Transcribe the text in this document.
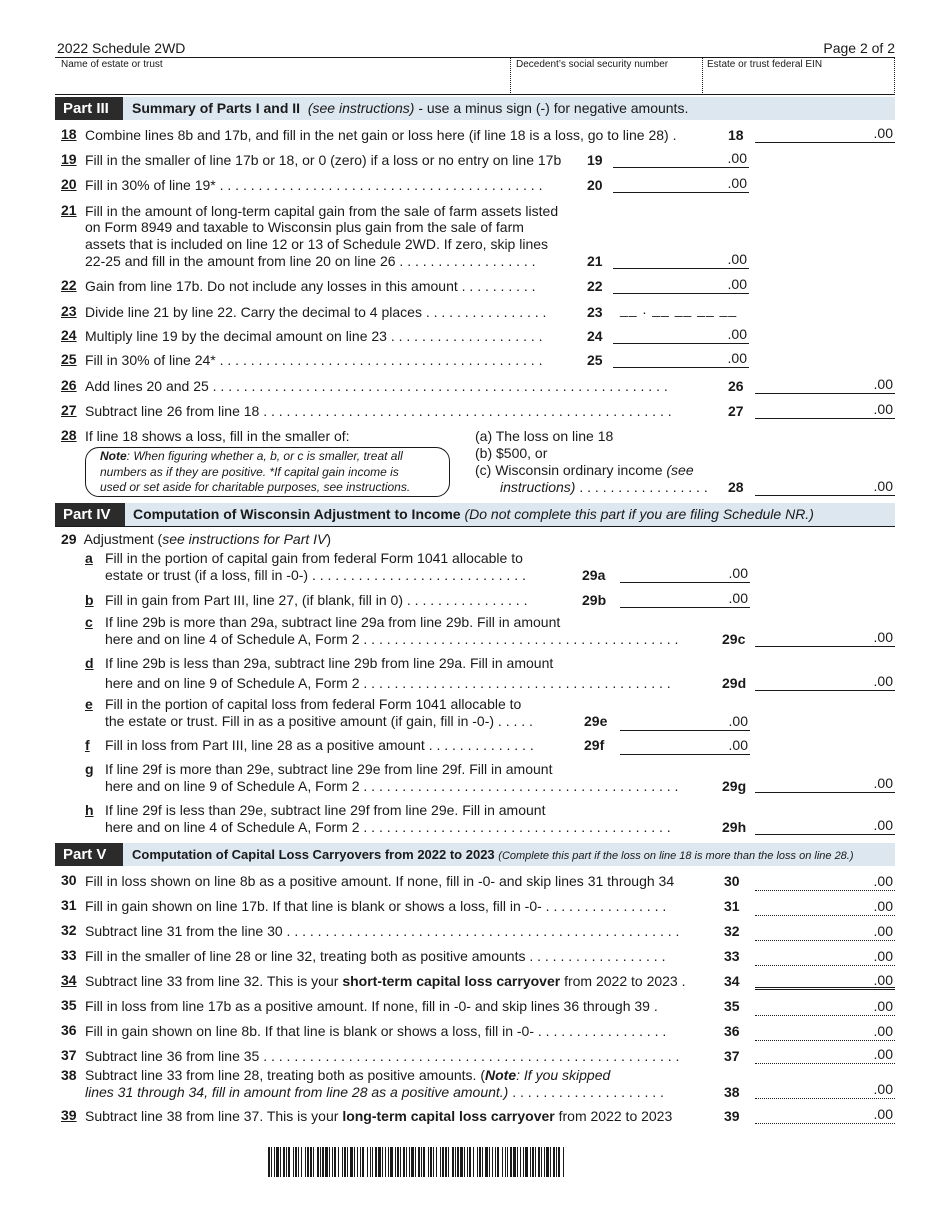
2022 Schedule 2WD	Page 2 of 2
Name of estate or trust	Decedent’s social security number	Estate or trust federal EIN
Part III	Summary of Parts I and II (see instructions) - use a minus sign (-) for negative amounts.
18 Combine lines 8b and 17b, and fill in the net gain or loss here (if line 18 is a loss, go to line 28) .	18	.00
19 Fill in the smaller of line 17b or 18, or 0 (zero) if a loss or no entry on line 17b 19	.00
20 Fill in 30% of line 19* . . . . . . . . . . . . . . . . . . . . . . . . . . . . . . . . . . . . . . . . . .	20	.00
21 Fill in the amount of long-term capital gain from the sale of farm assets listed
on Form 8949 and taxable to Wisconsin plus gain from the sale of farm
assets that is included on line 12 or 13 of Schedule 2WD. If zero, skip lines
22-25 and fill in the amount from line 20 on line 26 . . . . . . . . . . . . . . . . . .	21	.00
22 Gain from line 17b. Do not include any losses in this amount . . . . . . . . . .	22	.00
23 Divide line 21 by line 22. Carry the decimal to 4 places . . . . . . . . . . . . . . . .	23 __ . __ __ __ __
24 Multiply line 19 by the decimal amount on line 23 . . . . . . . . . . . . . . . . . . . .	24	.00
25 Fill in 30% of line 24* . . . . . . . . . . . . . . . . . . . . . . . . . . . . . . . . . . . . . . . . . .	25	.00
26 Add lines 20 and 25 . . . . . . . . . . . . . . . . . . . . . . . . . . . . . . . . . . . . . . . . . . . . . . . . . . . . . . . . . . .	26	.00
27 Subtract line 26 from line 18 . . . . . . . . . . . . . . . . . . . . . . . . . . . . . . . . . . . . . . . . . . . . . . . . . . . . .	27	.00
28 If line 18 shows a loss, fill in the smaller of:	(a) The loss on line 18
(b) $500, or
(c) Wisconsin ordinary income (see
instructions) . . . . . . . . . . . . . . . . . 28	.00
Note: When figuring whether a, b, or c is smaller, treat all
numbers as if they are positive. *If capital gain income is
used or set aside for charitable purposes, see instructions.
Part IV	Computation of Wisconsin Adjustment to Income (Do not complete this part if you are filing Schedule NR.)
29 Adjustment (see instructions for Part IV)
a Fill in the portion of capital gain from federal Form 1041 allocable to
estate or trust (if a loss, fill in -0-) . . . . . . . . . . . . . . . . . . . . . . . . . . . .	29a	.00
b Fill in gain from Part III, line 27, (if blank, fill in 0) . . . . . . . . . . . . . . . .	29b	.00
c If line 29b is more than 29a, subtract line 29a from line 29b. Fill in amount
here and on line 4 of Schedule A, Form 2 . . . . . . . . . . . . . . . . . . . . . . . . . . . . . . . . . . . . . . . . .	29c	.00
d If line 29b is less than 29a, subtract line 29b from line 29a. Fill in amount
here and on line 9 of Schedule A, Form 2 . . . . . . . . . . . . . . . . . . . . . . . . . . . . . . . . . . . . . . . .	29d	.00
e Fill in the portion of capital loss from federal Form 1041 allocable to
the estate or trust. Fill in as a positive amount (if gain, fill in -0-) . . . . .	29e	.00
f Fill in loss from Part III, line 28 as a positive amount . . . . . . . . . . . . . .	29f	.00
g If line 29f is more than 29e, subtract line 29e from line 29f. Fill in amount
here and on line 9 of Schedule A, Form 2 . . . . . . . . . . . . . . . . . . . . . . . . . . . . . . . . . . . . . . . . .	29g	.00
h If line 29f is less than 29e, subtract line 29f from line 29e. Fill in amount
here and on line 4 of Schedule A, Form 2 . . . . . . . . . . . . . . . . . . . . . . . . . . . . . . . . . . . . . . . .	29h	.00
Part V	Computation of Capital Loss Carryovers from 2022 to 2023 (Complete this part if the loss on line 18 is more than the loss on line 28.)
30 Fill in loss shown on line 8b as a positive amount. If none, fill in -0- and skip lines 31 through 34	30	.00
31 Fill in gain shown on line 17b. If that line is blank or shows a loss, fill in -0- . . . . . . . . . . . . . . . .	31	.00
32 Subtract line 31 from the line 30 . . . . . . . . . . . . . . . . . . . . . . . . . . . . . . . . . . . . . . . . . . . . . . . . . . .	32	.00
33 Fill in the smaller of line 28 or line 32, treating both as positive amounts . . . . . . . . . . . . . . . . . .	33	.00
34 Subtract line 33 from line 32. This is your short-term capital loss carryover from 2022 to 2023 .	34	.00
35 Fill in loss from line 17b as a positive amount. If none, fill in -0- and skip lines 36 through 39 .	35	.00
36 Fill in gain shown on line 8b. If that line is blank or shows a loss, fill in -0- . . . . . . . . . . . . . . . . .	36	.00
37 Subtract line 36 from line 35 . . . . . . . . . . . . . . . . . . . . . . . . . . . . . . . . . . . . . . . . . . . . . . . . . . . . . .	37	.00
38 Subtract line 33 from line 28, treating both as positive amounts. (Note: If you skipped
lines 31 through 34, fill in amount from line 28 as a positive amount.) . . . . . . . . . . . . . . . . . . . .	38	.00
39 Subtract line 38 from line 37. This is your long-term capital loss carryover from 2022 to 2023	39	.00
